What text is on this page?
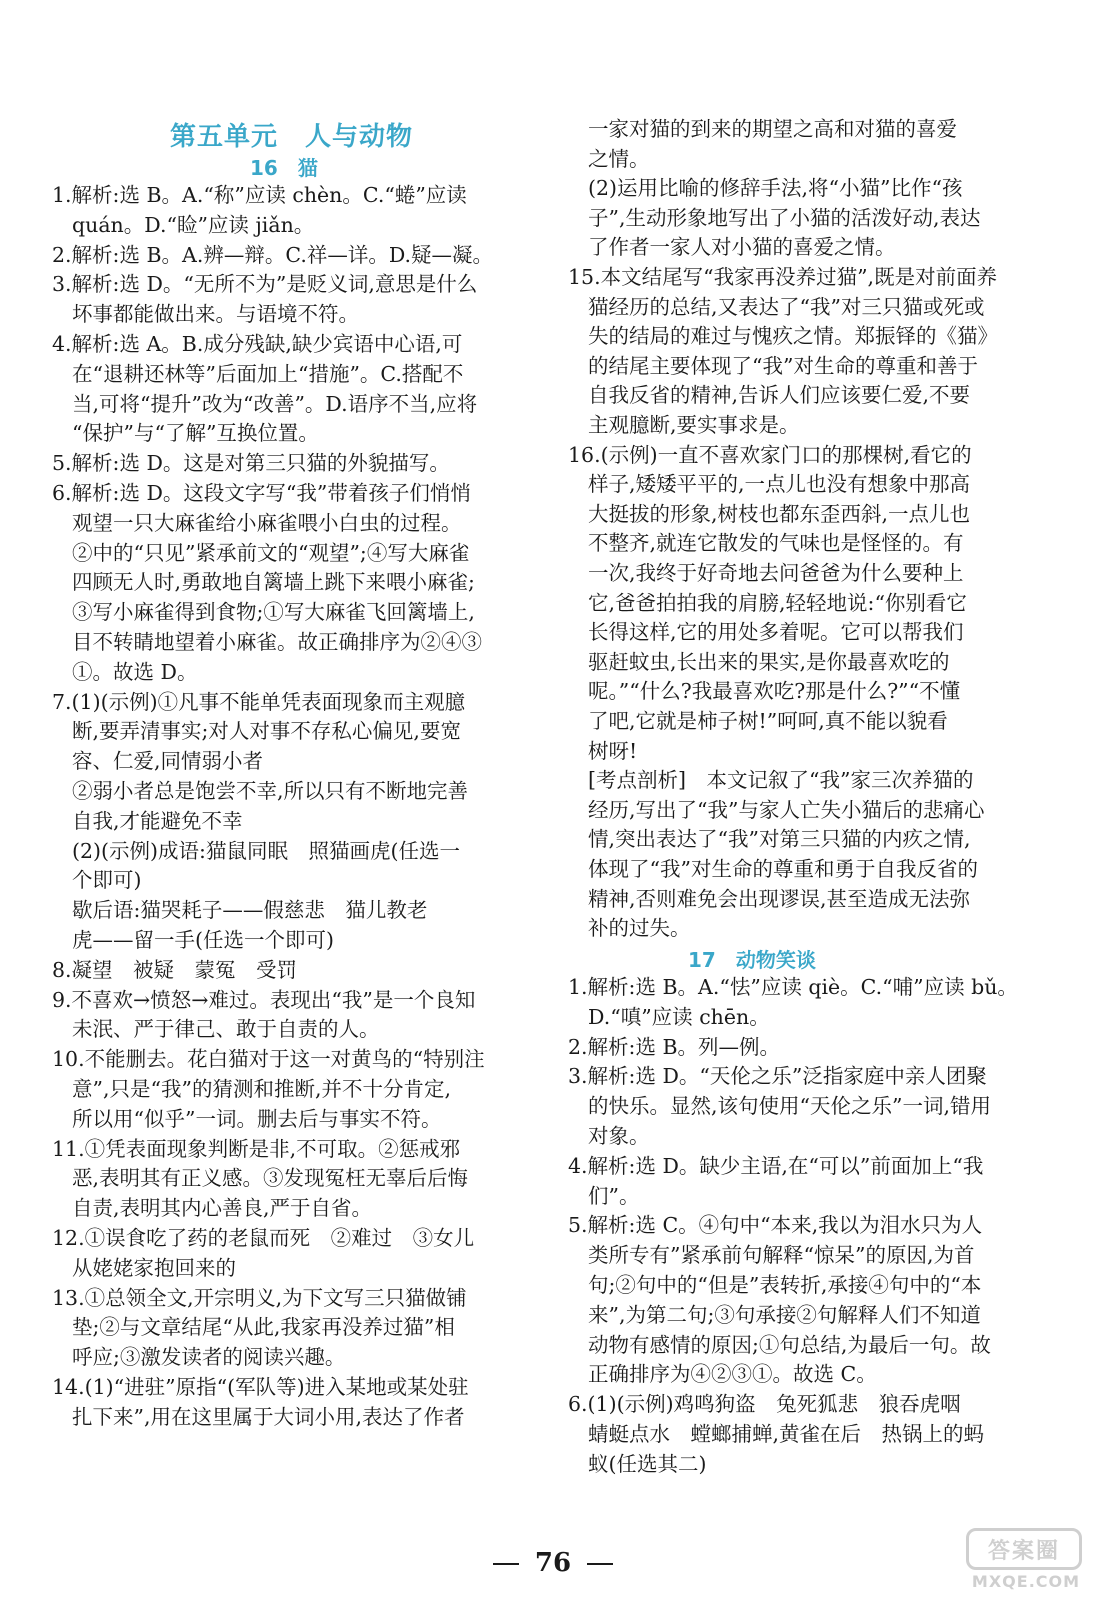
第五单元　人与动物
16　猫
1.解析:选 B。A.“称”应读 chèn。C.“蜷”应读
quán。D.“睑”应读 jiǎn。
2.解析:选 B。A.辨—辩。C.祥—详。D.疑—凝。
3.解析:选 D。“无所不为”是贬义词,意思是什么
坏事都能做出来。与语境不符。
4.解析:选 A。B.成分残缺,缺少宾语中心语,可
在“退耕还林等”后面加上“措施”。C.搭配不
当,可将“提升”改为“改善”。D.语序不当,应将
“保护”与“了解”互换位置。
5.解析:选 D。这是对第三只猫的外貌描写。
6.解析:选 D。这段文字写“我”带着孩子们悄悄
观望一只大麻雀给小麻雀喂小白虫的过程。
②中的“只见”紧承前文的“观望”;④写大麻雀
四顾无人时,勇敢地自篱墙上跳下来喂小麻雀;
③写小麻雀得到食物;①写大麻雀飞回篱墙上,
目不转睛地望着小麻雀。故正确排序为②④③
①。故选 D。
7.(1)(示例)①凡事不能单凭表面现象而主观臆
断,要弄清事实;对人对事不存私心偏见,要宽
容、仁爱,同情弱小者
②弱小者总是饱尝不幸,所以只有不断地完善
自我,才能避免不幸
(2)(示例)成语:猫鼠同眠　照猫画虎(任选一
个即可)
歇后语:猫哭耗子——假慈悲　猫儿教老
虎——留一手(任选一个即可)
8.凝望　被疑　蒙冤　受罚
9.不喜欢→愤怒→难过。表现出“我”是一个良知
未泯、严于律己、敢于自责的人。
10.不能删去。花白猫对于这一对黄鸟的“特别注
意”,只是“我”的猜测和推断,并不十分肯定,
所以用“似乎”一词。删去后与事实不符。
11.①凭表面现象判断是非,不可取。②惩戒邪
恶,表明其有正义感。③发现冤枉无辜后后悔
自责,表明其内心善良,严于自省。
12.①误食吃了药的老鼠而死　②难过　③女儿
从姥姥家抱回来的
13.①总领全文,开宗明义,为下文写三只猫做铺
垫;②与文章结尾“从此,我家再没养过猫”相
呼应;③激发读者的阅读兴趣。
14.(1)“进驻”原指“(军队等)进入某地或某处驻
扎下来”,用在这里属于大词小用,表达了作者
一家对猫的到来的期望之高和对猫的喜爱
之情。
(2)运用比喻的修辞手法,将“小猫”比作“孩
子”,生动形象地写出了小猫的活泼好动,表达
了作者一家人对小猫的喜爱之情。
15.本文结尾写“我家再没养过猫”,既是对前面养
猫经历的总结,又表达了“我”对三只猫或死或
失的结局的难过与愧疚之情。郑振铎的《猫》
的结尾主要体现了“我”对生命的尊重和善于
自我反省的精神,告诉人们应该要仁爱,不要
主观臆断,要实事求是。
16.(示例)一直不喜欢家门口的那棵树,看它的
样子,矮矮平平的,一点儿也没有想象中那高
大挺拔的形象,树枝也都东歪西斜,一点儿也
不整齐,就连它散发的气味也是怪怪的。有
一次,我终于好奇地去问爸爸为什么要种上
它,爸爸拍拍我的肩膀,轻轻地说:“你别看它
长得这样,它的用处多着呢。它可以帮我们
驱赶蚊虫,长出来的果实,是你最喜欢吃的
呢。”“什么?我最喜欢吃?那是什么?”“不懂
了吧,它就是柿子树!”呵呵,真不能以貌看
树呀!
[考点剖析]　本文记叙了“我”家三次养猫的
经历,写出了“我”与家人亡失小猫后的悲痛心
情,突出表达了“我”对第三只猫的内疚之情,
体现了“我”对生命的尊重和勇于自我反省的
精神,否则难免会出现谬误,甚至造成无法弥
补的过失。
17　动物笑谈
1.解析:选 B。A.“怯”应读 qiè。C.“哺”应读 bǔ。
D.“嗔”应读 chēn。
2.解析:选 B。列—例。
3.解析:选 D。“天伦之乐”泛指家庭中亲人团聚
的快乐。显然,该句使用“天伦之乐”一词,错用
对象。
4.解析:选 D。缺少主语,在“可以”前面加上“我
们”。
5.解析:选 C。④句中“本来,我以为泪水只为人
类所专有”紧承前句解释“惊呆”的原因,为首
句;②句中的“但是”表转折,承接④句中的“本
来”,为第二句;③句承接②句解释人们不知道
动物有感情的原因;①句总结,为最后一句。故
正确排序为④②③①。故选 C。
6.(1)(示例)鸡鸣狗盗　兔死狐悲　狼吞虎咽
蜻蜓点水　螳螂捕蝉,黄雀在后　热锅上的蚂
蚁(任选其二)
76	答案圈
MXQE.COM
